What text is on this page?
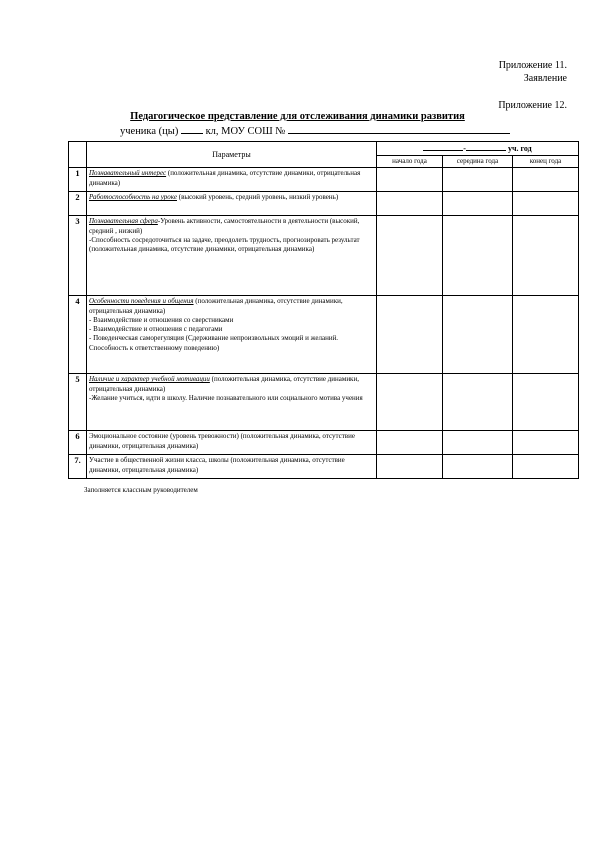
Приложение 11.
Заявление
Приложение 12.
Педагогическое представление для отслеживания динамики развития
ученика (цы)	кл, МОУ СОШ №
	Параметры	- уч. год		
		начало года	середина года	конец года
1	Познавательный интерес (положительная динамика, отсутствие динамики, отрицательная динамика)			
2	Работоспособность на уроке (высокий уровень, средний уровень, низкий уровень)			
3	Познавательная сфера-Уровень активности, самостоятельности в деятельности (высокий, средний , низкий)
-Способность сосредоточиться на задаче, преодолеть трудность, прогнозировать результат (положительная динамика, отсутствие динамики, отрицательная динамика)			

4	Особенности поведения и общения (положительная динамика, отсутствие динамики, отрицательная динамика)
- Взаимодействие и отношения со сверстниками
- Взаимодействие и отношения с педагогами
- Поведенческая саморегуляция (Сдерживание непроизвольных эмоций и желаний. Способность к ответственному поведению)			

5	Наличие и характер учебной мотивации (положительная динамика, отсутствие динамики, отрицательная динамика)
-Желание учиться, идти в школу. Наличие познавательного или социального мотива учения			

6	Эмоциональное состояние (уровень тревожности) (положительная динамика, отсутствие динамики, отрицательная динамика)			

7.	Участие в общественной жизни класса, школы (положительная динамика, отсутствие динамики, отрицательная динамика)			

Заполняется классным руководителем
